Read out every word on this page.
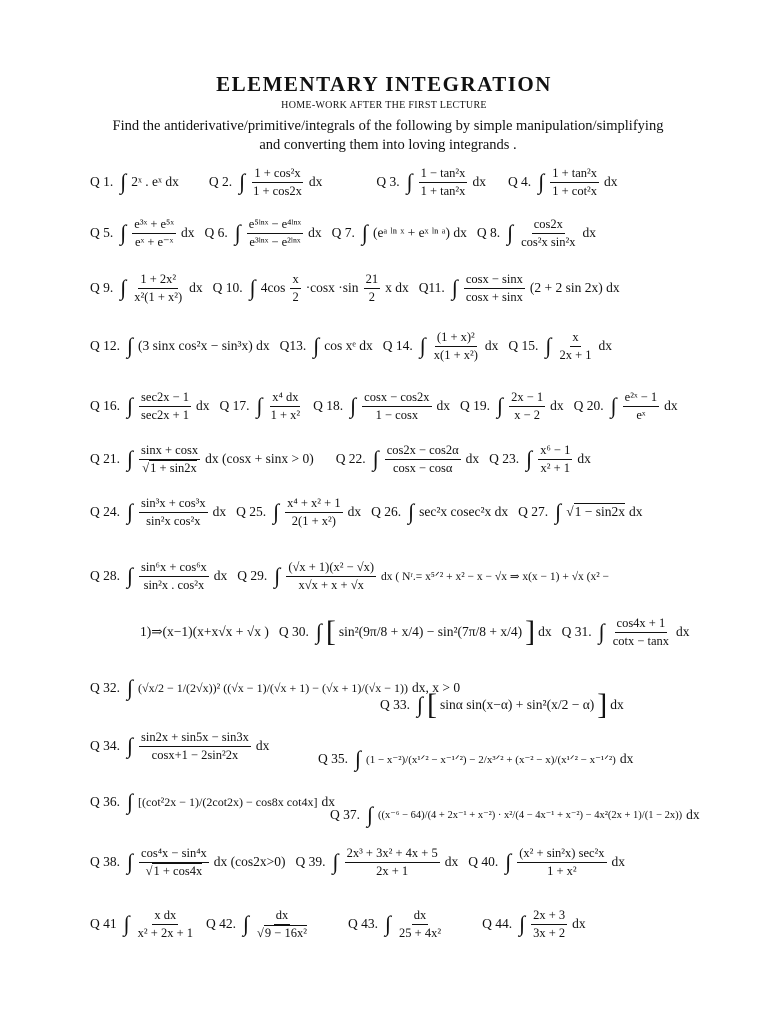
ELEMENTARY INTEGRATION
HOME-WORK AFTER THE FIRST LECTURE
Find the antiderivative/primitive/integrals of the following by simple manipulation/simplifying
and converting them into loving integrands .
Q 1. ∫ 2ˣ . eˣ dx Q 2. ∫ $\frac{\text{1 + cos²x}}{1 + \cos 2x}$ dx	Q 3. ∫ $\frac{\text{1 − tan²x}}{\text{1 + tan²x}}$ dx Q 4. ∫ $\frac{\text{1 + tan²x}}{\text{1 + cot²x}}$ dx
Q 5. ∫ $\frac{\text{e³ˣ + e⁵ˣ}}{\text{eˣ + e⁻ˣ}}$ dx Q 6. ∫ $\frac{\text{e⁵ˡⁿˣ − e⁴ˡⁿˣ}}{\text{e³ˡⁿˣ − e²ˡⁿˣ}}$ dx Q 7. ∫ (eᵃ ˡⁿ ˣ + eˣ ˡⁿ ᵃ) dx Q 8. ∫ $\frac{\cos 2x}{\text{cos²x sin²x}}$ dx
Q 9. ∫ $\frac{\text{1 + 2x²}}{\text{x²(1 + x²)}}$ dx Q 10. ∫ $4\cos \frac{x}{2} \cdot\cos x \cdot\sin \frac{21}{2}$ x dx Q11. ∫ $\frac{\cos x - \sin x}{\cos x + \sin x} (2 + 2$ sin 2x) dx
Q 12. ∫ (3 sinx cos²x − sin³x) dx Q13. ∫ cos xᵉ dx Q 14. ∫ $\frac{\text{(1 + x)²}}{\text{x(1 + x²)}}$ dx Q 15. ∫ $\frac{x}{2x + 1}$ dx
Q 16. ∫ $\frac{\sec 2x - 1}{\sec 2x + 1}$ dx Q 17. ∫ $\frac{\text{x⁴ dx}}{\text{1 + x²}}$ Q 18. ∫ $\frac{\cos x - \cos 2x}{1 - \cos x}$ dx Q 19. ∫ $\frac{2x - 1}{x - 2}$ dx Q 20. ∫ $\frac{\text{e²ˣ − 1}}{\text{eˣ}}$ dx
Q 21. ∫ $\frac{\sin x + \cos x}{√1 + \sin 2x}$ dx (cosx + sinx > 0) Q 22. ∫ $\frac{\cos 2x - \cos 2\alpha}{\cos x - \cos\alpha}$ dx Q 23. ∫ $\frac{\text{x⁶ − 1}}{\text{x² + 1}}$ dx
Q 24. ∫ $\frac{\text{sin³x + cos³x}}{\text{sin²x cos²x}}$ dx Q 25. ∫ $\frac{\text{x⁴ + x² + 1}}{\text{2(1 + x²)}}$ dx Q 26. ∫ sec²x cosec²x dx Q 27. ∫ √1 − sin2x dx
Q 28. ∫ $\frac{\text{sin⁶x + cos⁶x}}{\text{sin²x . cos²x}}$ dx Q 29. ∫ $\frac{\text{(√x + 1)(x² − √x)}}{x√x + x + √x}$ dx ( Nʳ.= x⁵ᐟ² + x² − x − √x ⇒ x(x − 1) + √x (x² −
1)⇒(x−1)(x+x√x + √x ) Q 30. ∫ [ sin²(9π/8 + x/4) − sin²(7π/8 + x/4) ] dx Q 31. ∫ $\frac{\cos 4x + 1}{\cot x - \tan x}$ dx
Q 32. ∫ (√x/2 − 1/(2√x))² ((√x − 1)/(√x + 1) − (√x + 1)/(√x − 1)) dx, x > 0
Q 33. ∫ [ sinα sin(x−α) + sin²(x/2 − α) ] dx
Q 34. ∫ $\frac{\sin 2x + \sin 5x - \sin 3x}{\text{cosx+1 − 2sin²2x}}$ dx
Q 35. ∫ (1 − x⁻²)/(x¹ᐟ² − x⁻¹ᐟ²) − 2/x³ᐟ² + (x⁻² − x)/(x¹ᐟ² − x⁻¹ᐟ²) dx
Q 36. ∫ [(cot²2x − 1)/(2cot2x) − cos8x cot4x] dx
Q 37. ∫ ((x⁻⁶ − 64)/(4 + 2x⁻¹ + x⁻²) · x²/(4 − 4x⁻¹ + x⁻²) − 4x²(2x + 1)/(1 − 2x)) dx
Q 38. ∫ $\frac{\text{cos⁴x − sin⁴x}}{√1 + \cos 4x}$ dx (cos2x>0) Q 39. ∫ $\frac{\text{2x³ + 3x² + 4x + 5}}{2x + 1}$ dx Q 40. ∫ $\frac{\text{(x² + sin²x) sec²x}}{\text{1 + x²}}$ dx
Q 41 ∫ $\frac{\text{x dx}}{\text{x² + 2x + 1}}$ Q 42. ∫ $\frac{dx}{\text{√9 − 16x²}}$	Q 43. ∫ $\frac{dx}{\text{25 + 4x²}}$	Q 44. ∫ $\frac{2x + 3}{3x + 2}$ dx
